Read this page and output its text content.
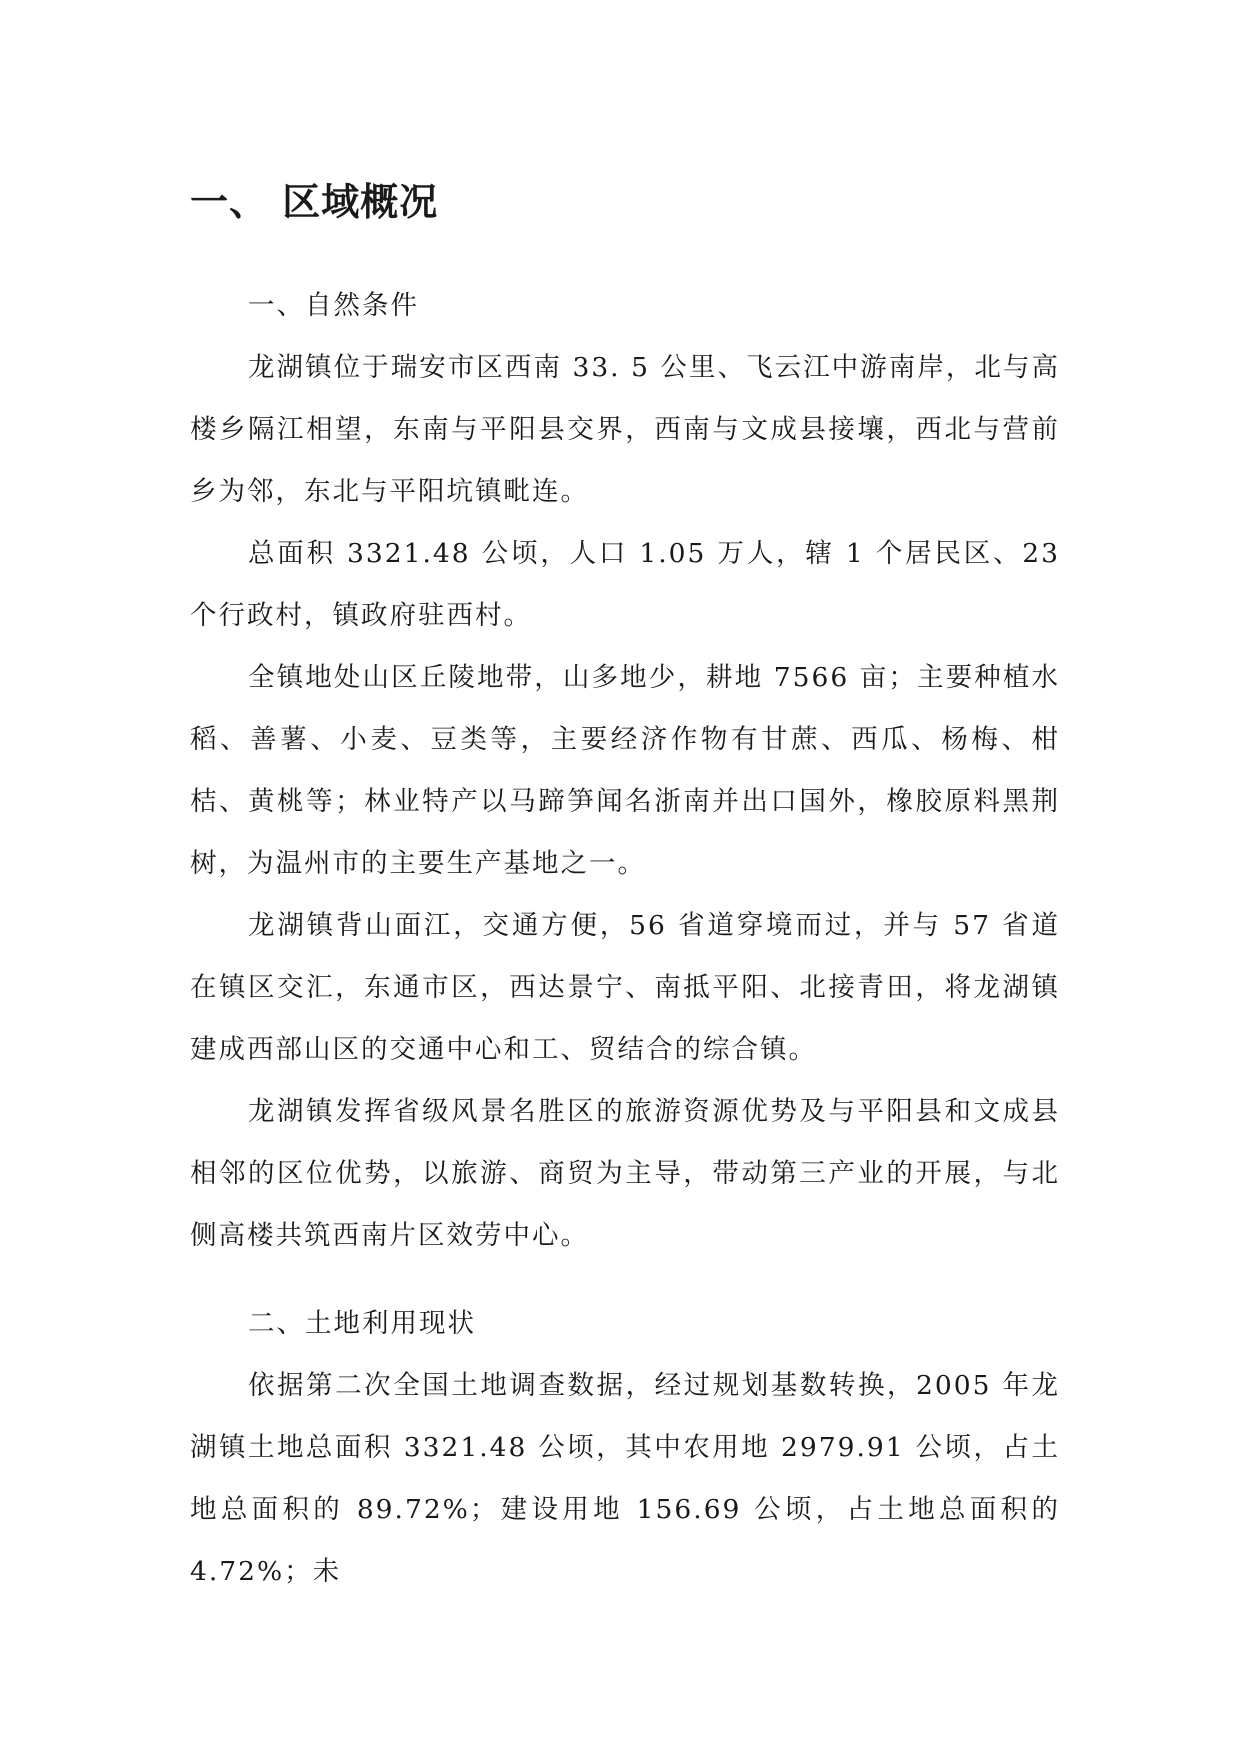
一、 区域概况

一、自然条件

龙湖镇位于瑞安市区西南 33. 5 公里、飞云江中游南岸，北与高楼乡隔江相望，东南与平阳县交界，西南与文成县接壤，西北与营前乡为邻，东北与平阳坑镇毗连。

总面积 3321.48 公顷，人口 1.05 万人，辖 1 个居民区、23 个行政村，镇政府驻西村。

全镇地处山区丘陵地带，山多地少，耕地 7566 亩；主要种植水稻、善薯、小麦、豆类等，主要经济作物有甘蔗、西瓜、杨梅、柑桔、黄桃等；林业特产以马蹄笋闻名浙南并出口国外，橡胶原料黑荆树，为温州市的主要生产基地之一。

龙湖镇背山面江，交通方便，56 省道穿境而过，并与 57 省道在镇区交汇，东通市区，西达景宁、南抵平阳、北接青田，将龙湖镇建成西部山区的交通中心和工、贸结合的综合镇。

龙湖镇发挥省级风景名胜区的旅游资源优势及与平阳县和文成县相邻的区位优势，以旅游、商贸为主导，带动第三产业的开展，与北侧高楼共筑西南片区效劳中心。

二、土地利用现状

依据第二次全国土地调查数据，经过规划基数转换，2005 年龙湖镇土地总面积 3321.48 公顷，其中农用地 2979.91 公顷，占土地总面积的 89.72%；建设用地 156.69 公顷，占土地总面积的 4.72%；未
